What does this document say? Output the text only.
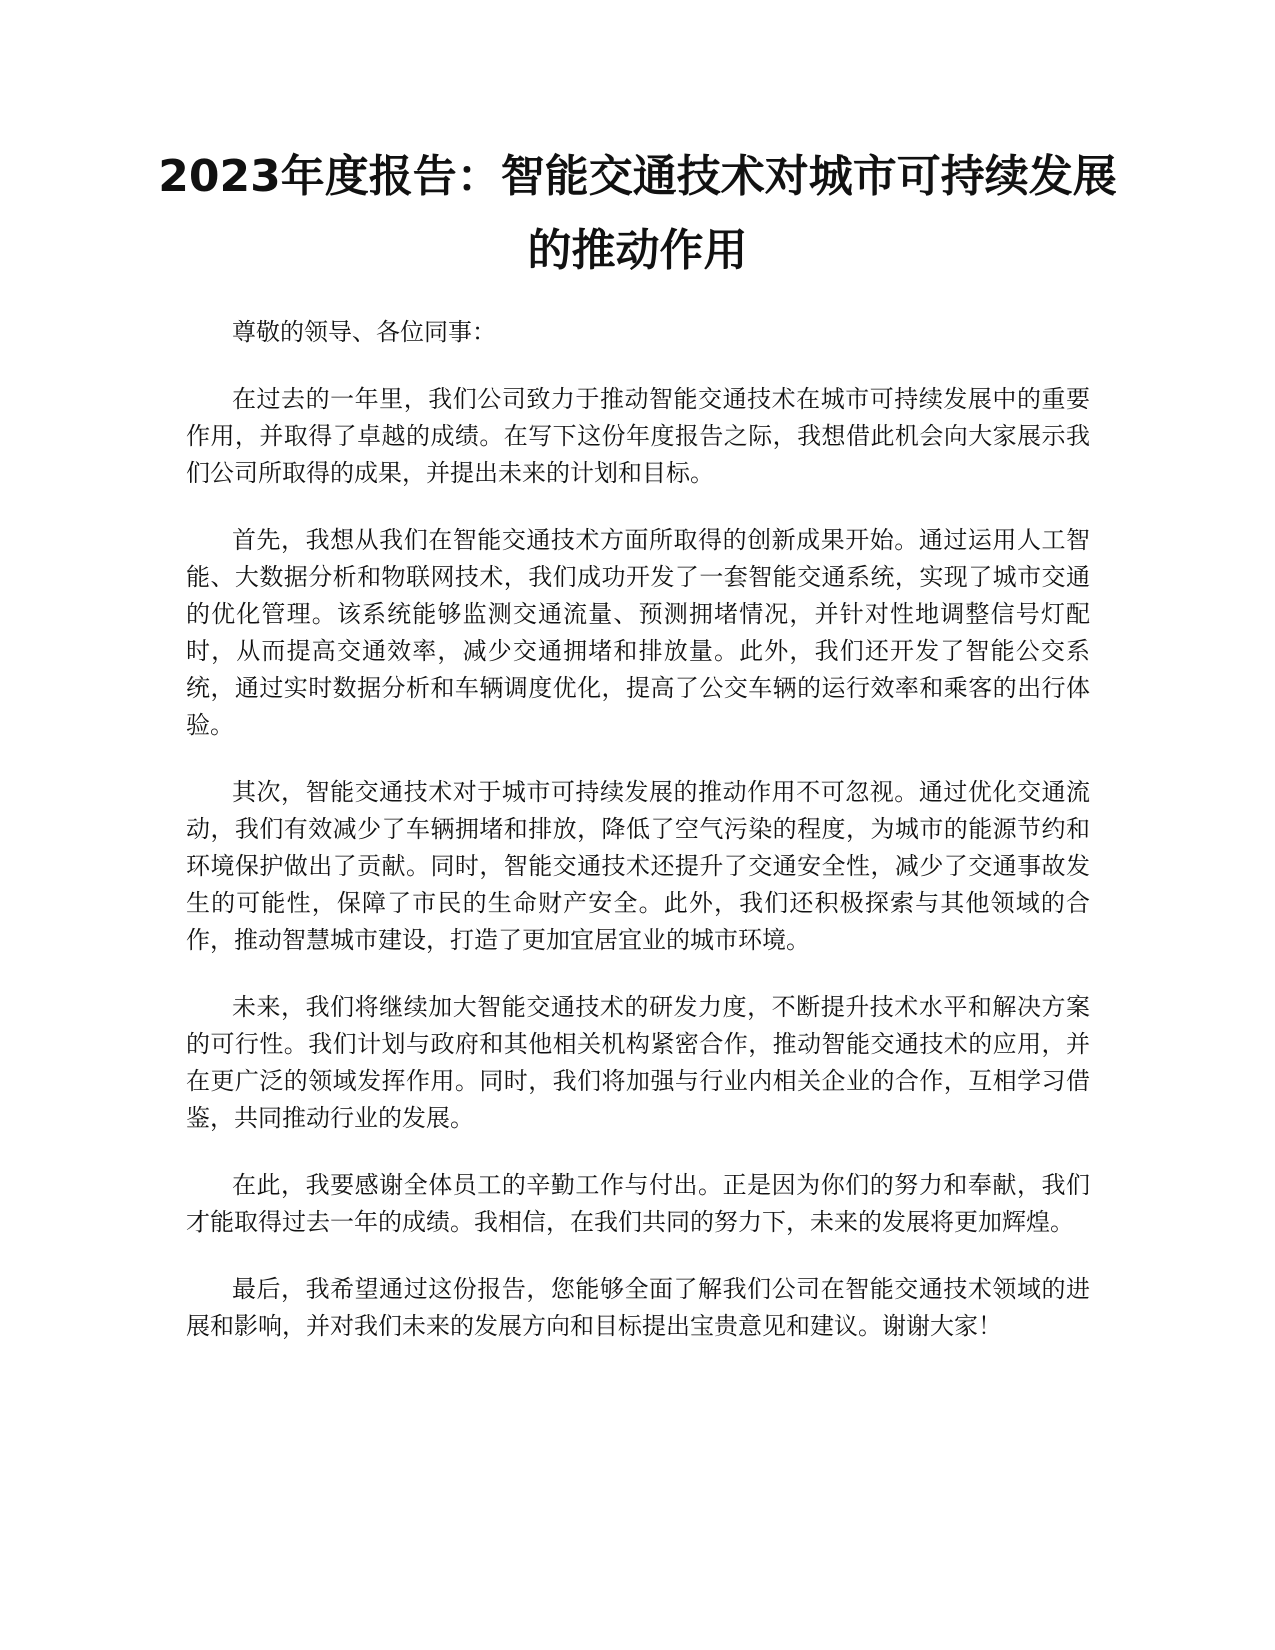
2023年度报告：智能交通技术对城市可持续发展的推动作用

尊敬的领导、各位同事：

在过去的一年里，我们公司致力于推动智能交通技术在城市可持续发展中的重要作用，并取得了卓越的成绩。在写下这份年度报告之际，我想借此机会向大家展示我们公司所取得的成果，并提出未来的计划和目标。

首先，我想从我们在智能交通技术方面所取得的创新成果开始。通过运用人工智能、大数据分析和物联网技术，我们成功开发了一套智能交通系统，实现了城市交通的优化管理。该系统能够监测交通流量、预测拥堵情况，并针对性地调整信号灯配时，从而提高交通效率，减少交通拥堵和排放量。此外，我们还开发了智能公交系统，通过实时数据分析和车辆调度优化，提高了公交车辆的运行效率和乘客的出行体验。

其次，智能交通技术对于城市可持续发展的推动作用不可忽视。通过优化交通流动，我们有效减少了车辆拥堵和排放，降低了空气污染的程度，为城市的能源节约和环境保护做出了贡献。同时，智能交通技术还提升了交通安全性，减少了交通事故发生的可能性，保障了市民的生命财产安全。此外，我们还积极探索与其他领域的合作，推动智慧城市建设，打造了更加宜居宜业的城市环境。

未来，我们将继续加大智能交通技术的研发力度，不断提升技术水平和解决方案的可行性。我们计划与政府和其他相关机构紧密合作，推动智能交通技术的应用，并在更广泛的领域发挥作用。同时，我们将加强与行业内相关企业的合作，互相学习借鉴，共同推动行业的发展。

在此，我要感谢全体员工的辛勤工作与付出。正是因为你们的努力和奉献，我们才能取得过去一年的成绩。我相信，在我们共同的努力下，未来的发展将更加辉煌。

最后，我希望通过这份报告，您能够全面了解我们公司在智能交通技术领域的进展和影响，并对我们未来的发展方向和目标提出宝贵意见和建议。谢谢大家！
